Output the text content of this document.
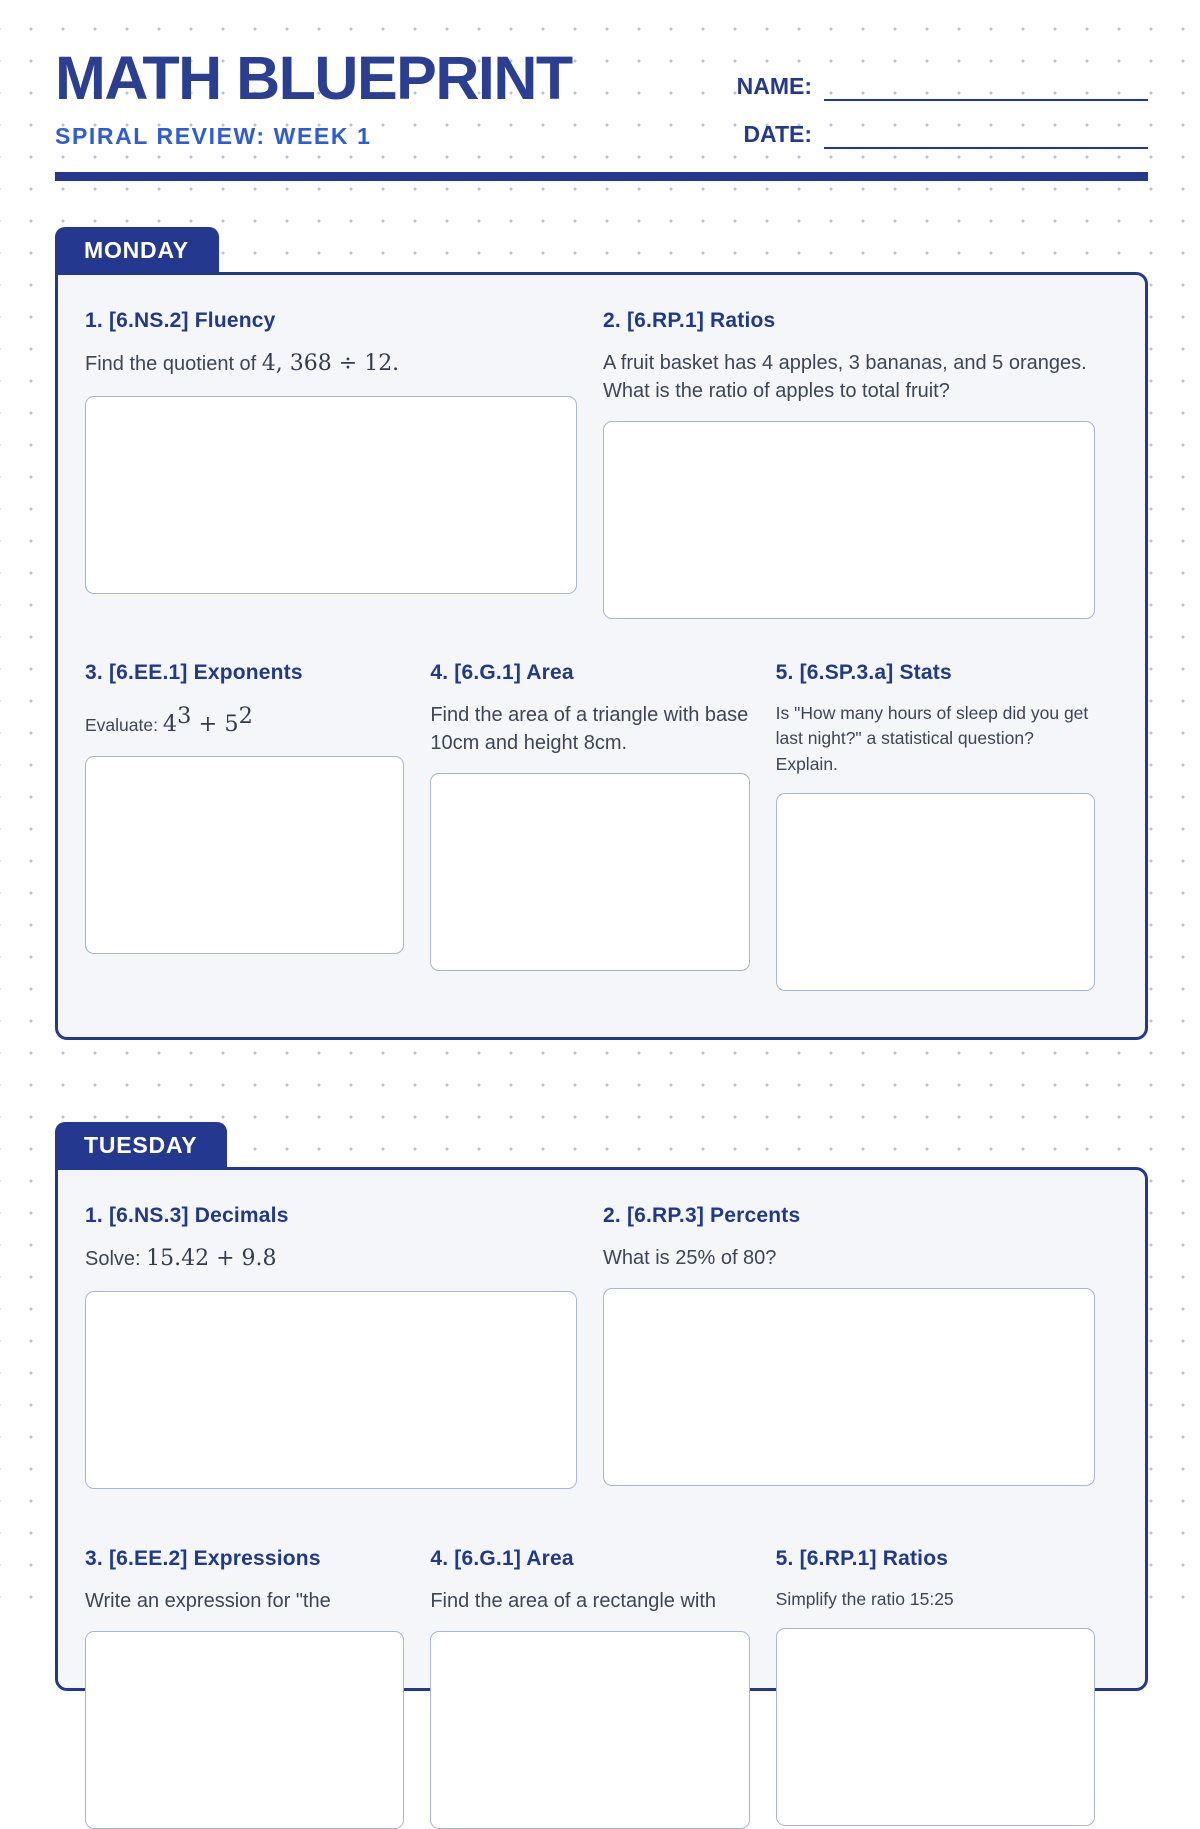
MATH BLUEPRINT
SPIRAL REVIEW: WEEK 1
NAME:
DATE:
MONDAY
1. [6.NS.2] Fluency

Find the quotient of 4, 368 ÷ 12.

2. [6.RP.1] Ratios

A fruit basket has 4 apples, 3 bananas, and 5 oranges. What is the ratio of apples to total fruit?

3. [6.EE.1] Exponents

Evaluate: $4^3 + 5^2$

4. [6.G.1] Area

Find the area of a triangle with base 10cm and height 8cm.

5. [6.SP.3.a] Stats

Is "How many hours of sleep did you get last night?" a statistical question? Explain.

TUESDAY
1. [6.NS.3] Decimals

Solve: 15.42 + 9.8

2. [6.RP.3] Percents

What is 25% of 80?

3. [6.EE.2] Expressions

Write an expression for "the

4. [6.G.1] Area

Find the area of a rectangle with

5. [6.RP.1] Ratios

Simplify the ratio 15:25
